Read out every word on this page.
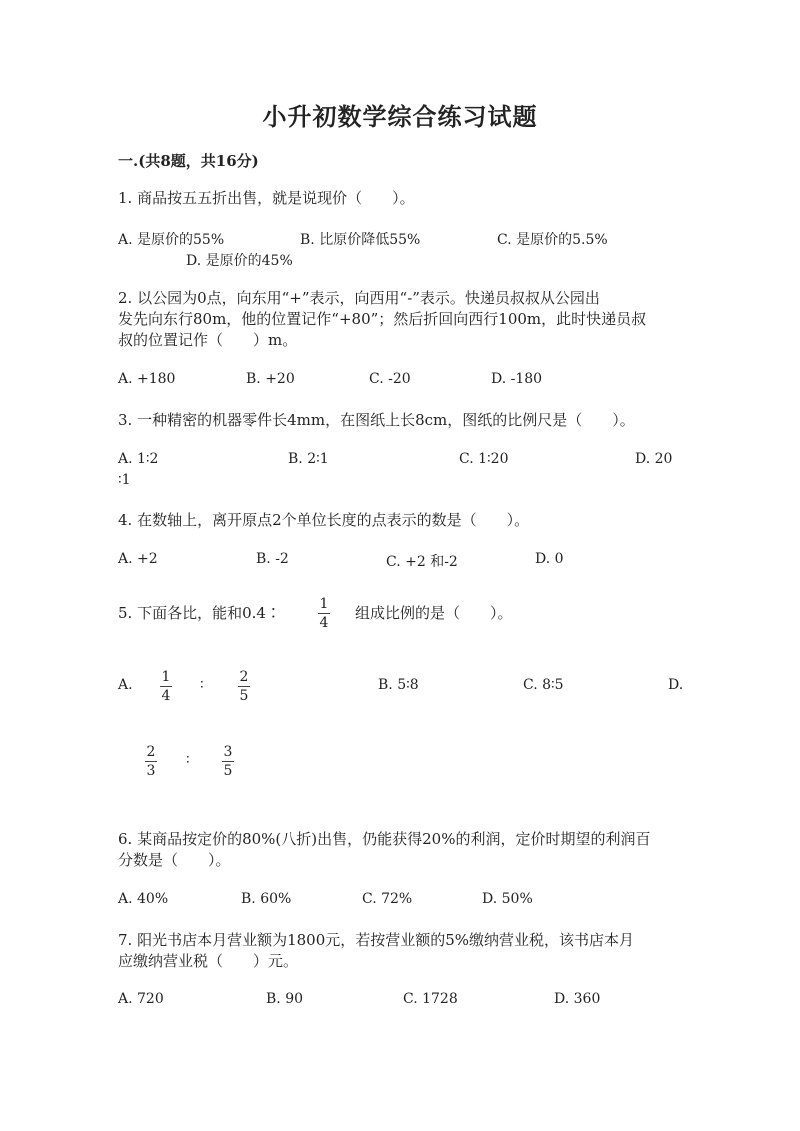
小升初数学综合练习试题
一.(共8题，共16分)
1. 商品按五五折出售，就是说现价（　　）。
A. 是原价的55%	B. 比原价降低55%	C. 是原价的5.5%
D. 是原价的45%
2. 以公园为0点，向东用“+”表示，向西用“-”表示。快递员叔叔从公园出
发先向东行80m，他的位置记作“+80”；然后折回向西行100m，此时快递员叔
叔的位置记作（　　）m。
A. +180	B. +20	C. -20	D. -180
3. 一种精密的机器零件长4mm，在图纸上长8cm，图纸的比例尺是（　　）。
A. 1∶2	B. 2∶1	C. 1∶20	D. 20
∶1
4. 在数轴上，离开原点2个单位长度的点表示的数是（　　）。
A. +2	B. -2	C. +2 和-2	D. 0
5. 下面各比，能和0.4∶	1
4
组成比例的是（　　）。
A. 1
4
∶	2
5
B. 5∶8	C. 8∶5	D.
2
3
∶ 3
5
6. 某商品按定价的80%(八折)出售，仍能获得20%的利润，定价时期望的利润百
分数是（　　）。
A. 40%	B. 60%	C. 72%	D. 50%
7. 阳光书店本月营业额为1800元，若按营业额的5%缴纳营业税，该书店本月
应缴纳营业税（　　）元。
A. 720	B. 90	C. 1728	D. 360
